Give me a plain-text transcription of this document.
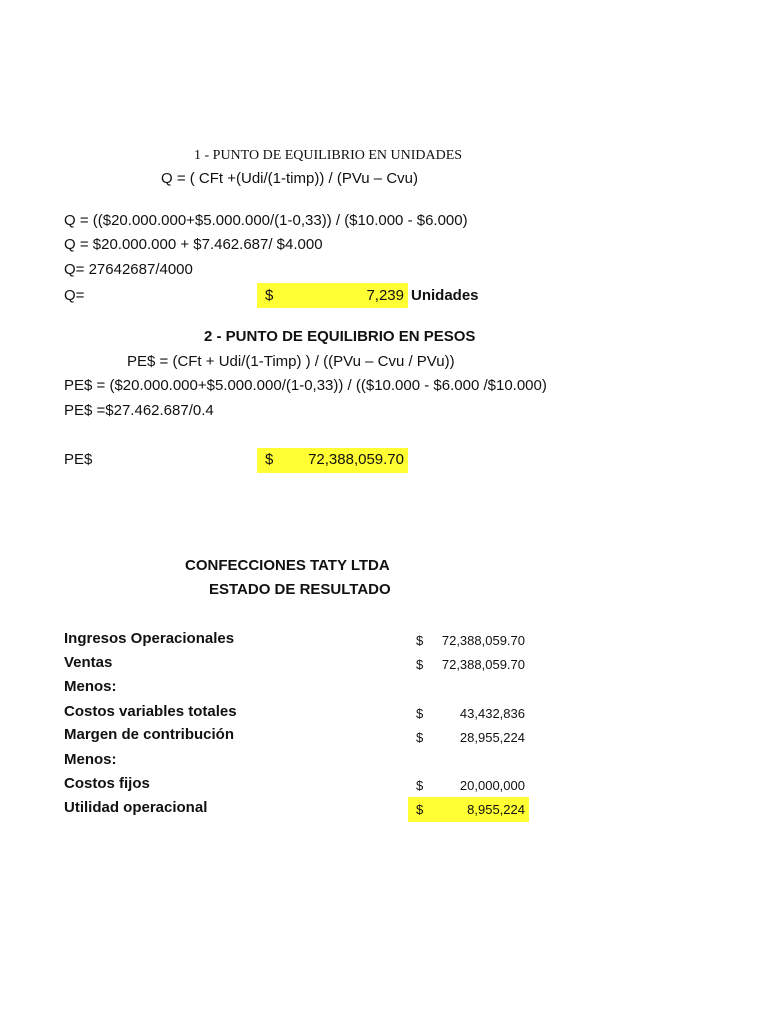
1 - PUNTO DE EQUILIBRIO EN UNIDADES
Q = ( CFt +(Udi/(1-timp)) / (PVu – Cvu)
Q = (($20.000.000+$5.000.000/(1-0,33)) / ($10.000 - $6.000)
Q = $20.000.000 + $7.462.687/ $4.000
Q= 27642687/4000
Q=	$	7,239 Unidades
2 - PUNTO DE EQUILIBRIO EN PESOS
PE$ = (CFt + Udi/(1-Timp) ) / ((PVu – Cvu / PVu))
PE$ = ($20.000.000+$5.000.000/(1-0,33)) / (($10.000 - $6.000 /$10.000)
PE$ =$27.462.687/0.4
PE$	$	72,388,059.70
CONFECCIONES TATY LTDA
ESTADO DE RESULTADO
Ingresos Operacionales	$	72,388,059.70
Ventas	$	72,388,059.70
Menos:
Costos variables totales	$	43,432,836
Margen de contribución	$	28,955,224
Menos:
Costos fijos	$	20,000,000
Utilidad operacional	$	8,955,224
